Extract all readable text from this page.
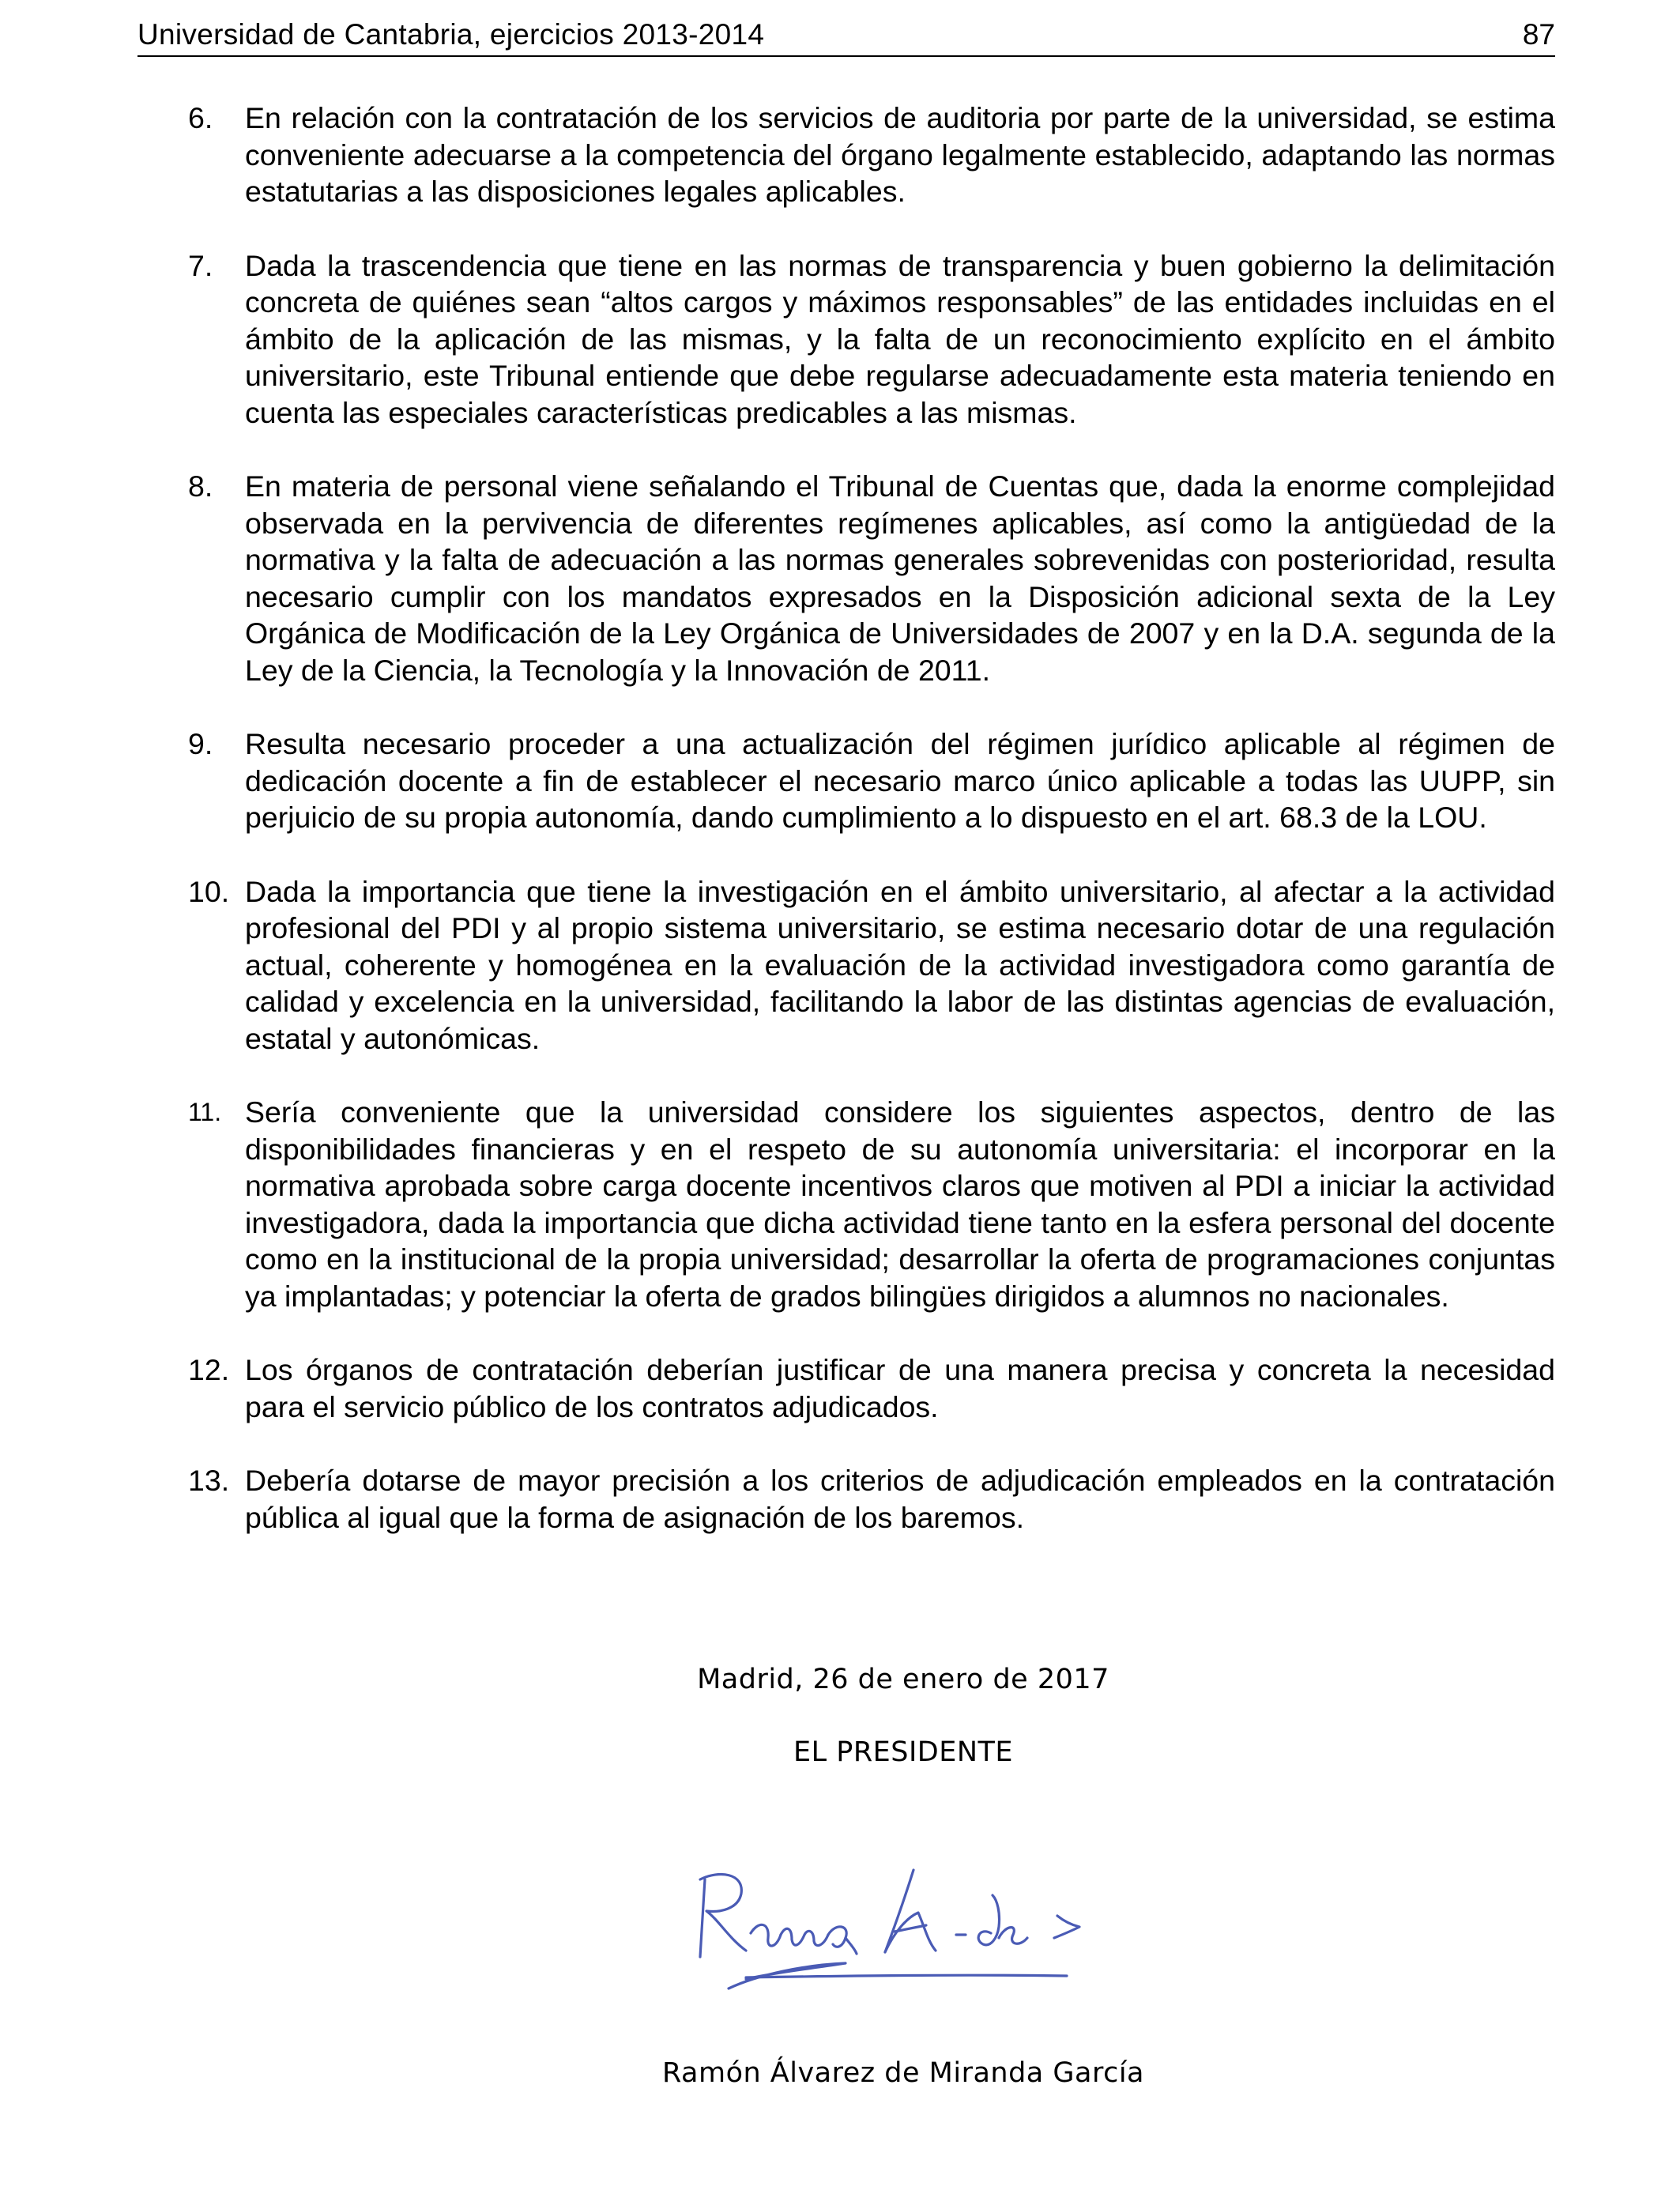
Universidad de Cantabria, ejercicios 2013-2014	87
6. En relación con la contratación de los servicios de auditoria por parte de la universidad, se estima conveniente adecuarse a la competencia del órgano legalmente establecido, adaptando las normas estatutarias a las disposiciones legales aplicables.
7. Dada la trascendencia que tiene en las normas de transparencia y buen gobierno la delimitación concreta de quiénes sean “altos cargos y máximos responsables” de las entidades incluidas en el ámbito de la aplicación de las mismas, y la falta de un reconocimiento explícito en el ámbito universitario, este Tribunal entiende que debe regularse adecuadamente esta materia teniendo en cuenta las especiales características predicables a las mismas.
8. En materia de personal viene señalando el Tribunal de Cuentas que, dada la enorme complejidad observada en la pervivencia de diferentes regímenes aplicables, así como la antigüedad de la normativa y la falta de adecuación a las normas generales sobrevenidas con posterioridad, resulta necesario cumplir con los mandatos expresados en la Disposición adicional sexta de la Ley Orgánica de Modificación de la Ley Orgánica de Universidades de 2007 y en la D.A. segunda de la Ley de la Ciencia, la Tecnología y la Innovación de 2011.
9. Resulta necesario proceder a una actualización del régimen jurídico aplicable al régimen de dedicación docente a fin de establecer el necesario marco único aplicable a todas las UUPP, sin perjuicio de su propia autonomía, dando cumplimiento a lo dispuesto en el art. 68.3 de la LOU.
10. Dada la importancia que tiene la investigación en el ámbito universitario, al afectar a la actividad profesional del PDI y al propio sistema universitario, se estima necesario dotar de una regulación actual, coherente y homogénea en la evaluación de la actividad investigadora como garantía de calidad y excelencia en la universidad, facilitando la labor de las distintas agencias de evaluación, estatal y autonómicas.
11. Sería conveniente que la universidad considere los siguientes aspectos, dentro de las disponibilidades financieras y en el respeto de su autonomía universitaria: el incorporar en la normativa aprobada sobre carga docente incentivos claros que motiven al PDI a iniciar la actividad investigadora, dada la importancia que dicha actividad tiene tanto en la esfera personal del docente como en la institucional de la propia universidad; desarrollar la oferta de programaciones conjuntas ya implantadas; y potenciar la oferta de grados bilingües dirigidos a alumnos no nacionales.
12. Los órganos de contratación deberían justificar de una manera precisa y concreta la necesidad para el servicio público de los contratos adjudicados.
13. Debería dotarse de mayor precisión a los criterios de adjudicación empleados en la contratación pública al igual que la forma de asignación de los baremos.
Madrid, 26 de enero de 2017
EL PRESIDENTE
Ramón Álvarez de Miranda García
